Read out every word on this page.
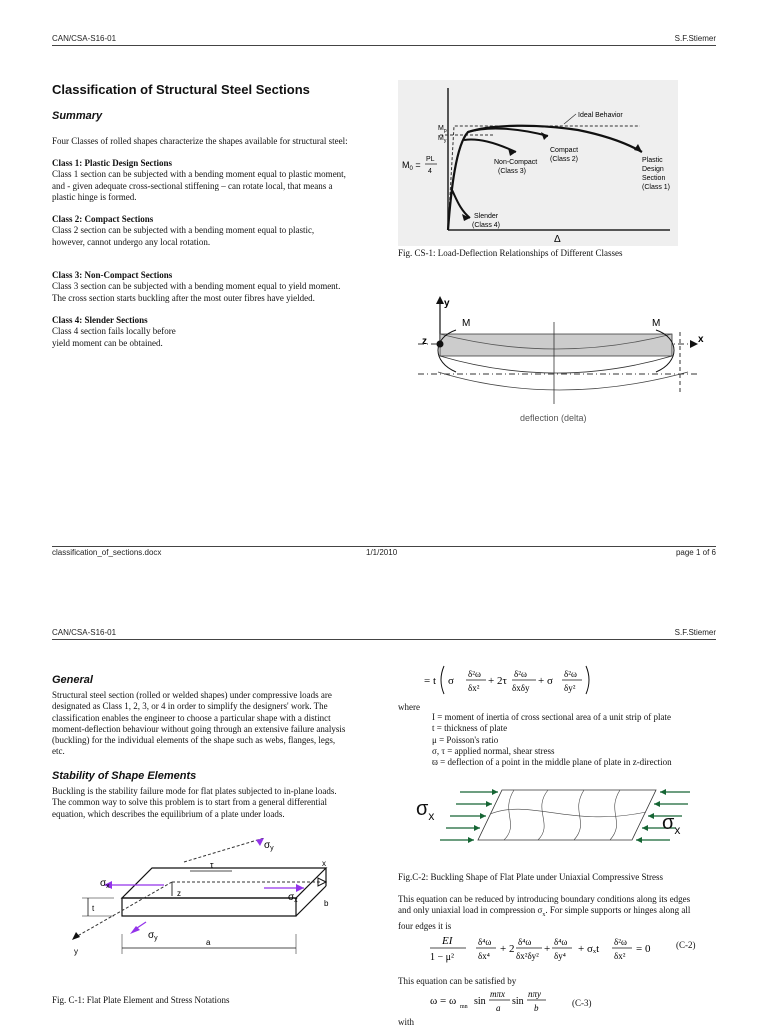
CAN/CSA-S16-01	S.F.Stiemer
Classification of Structural Steel Sections
Summary
Four Classes of rolled shapes characterize the shapes available for structural steel:
Class 1: Plastic Design Sections
Class 1 section can be subjected with a bending moment equal to plastic moment,
and - given adequate cross-sectional stiffening – can rotate local, that means a
plastic hinge is formed.
Class 2: Compact Sections
Class 2 section can be subjected with a bending moment equal to plastic,
however, cannot undergo any local rotation.
Class 3: Non-Compact Sections
Class 3 section can be subjected with a bending moment equal to yield moment.
The cross section starts buckling after the most outer fibres have yielded.
Class 4: Slender Sections
Class 4 section fails locally before
yield moment can be obtained.
Ideal Behavior
$M_p$
$M_y$
$M_0$ =
PL
4
Compact
(Class 2)
Non-Compact
(Class 3)
Plastic
Design
Section
(Class 1)
Slender
(Class 4)
Δ
Fig. CS-1: Load-Deflection Relationships of Different Classes
y
z	x
M	M
deflection (delta)
classification_of_sections.docx	1/1/2010	page 1 of 6
CAN/CSA-S16-01	S.F.Stiemer
General
Structural steel section (rolled or welded shapes) under compressive loads are
designated as Class 1, 2, 3, or 4 in order to simplify the designers' work. The
classification enables the engineer to choose a particular shape with a distinct
moment-deflection behaviour without going through an extensive failure analysis
(buckling) for the individual elements of the shape such as webs, flanges, legs,
etc.
Stability of Shape Elements
Buckling is the stability failure mode for flat plates subjected to in-plane loads.
The common way to solve this problem is to start from a general differential
equation, which describes the equilibrium of a plate under loads.
x
y
z
$\sigma_y$
$\sigma_x$
$\sigma_x$
$\sigma_y$
τ
t
a
b
Fig. C-1: Flat Plate Element and Stress Notations
= t σ
δ²ω
δx²
+ 2τ
δ²ω
δxδy
+ σ
δ²ω
δy²
where
I = moment of inertia of cross sectional area of a unit strip of plate
t = thickness of plate
μ = Poisson's ratio
σ, τ = applied normal, shear stress
ϖ = deflection of a point in the middle plane of plate in z-direction
$\sigma_x$	$\sigma_x$
Fig.C-2: Buckling Shape of Flat Plate under Uniaxial Compressive Stress
This equation can be reduced by introducing boundary conditions along its edges
and only uniaxial load in compression $\sigma_x$. For simple supports or hinges along all
four edges it is
EI
1 − μ²
δ⁴ω
δx⁴
+ 2
δ⁴ω
δx²δy²
+
δ⁴ω
δy⁴
+ σₓt
δ²ω
δx²
= 0	(C-2)
This equation can be satisfied by
ω = ω mn sin
mπx
a
sin
nπy
b	(C-3)
with
